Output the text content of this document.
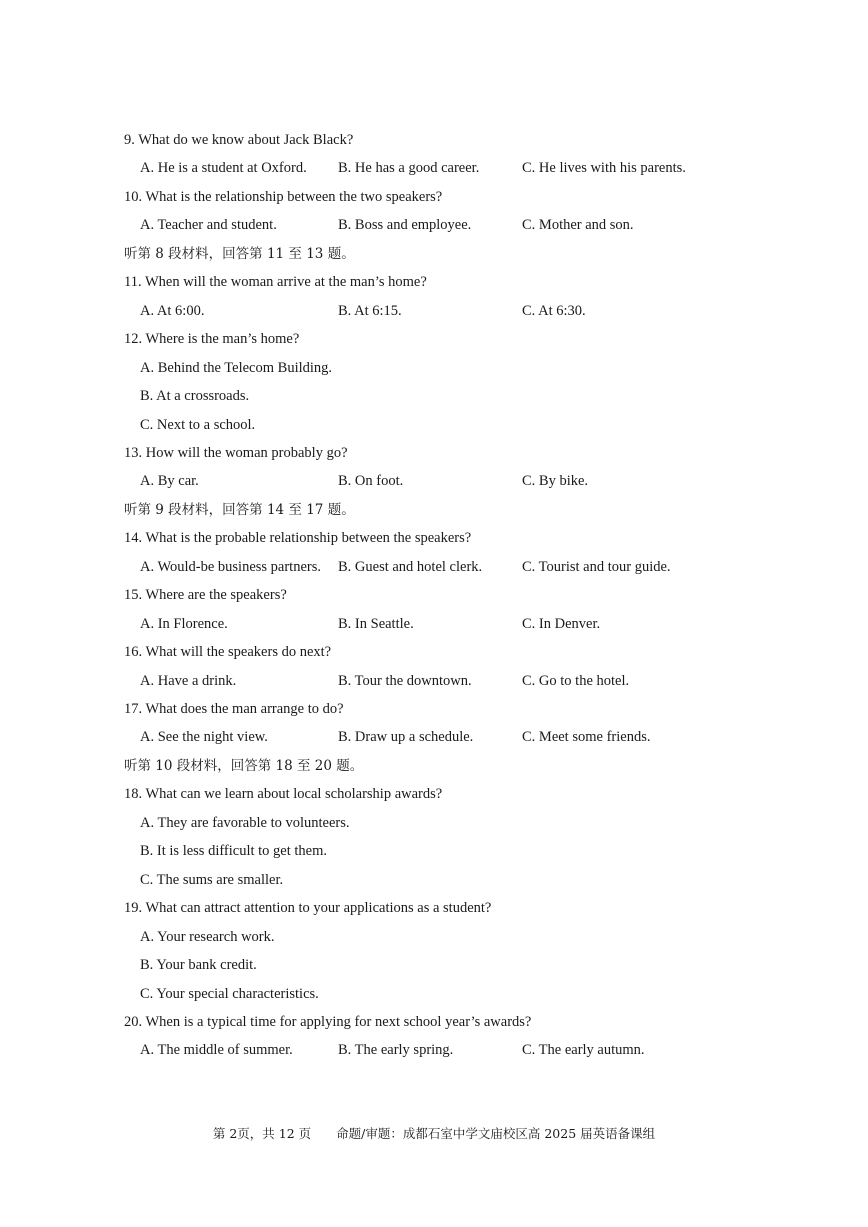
9. What do we know about Jack Black?
A. He is a student at Oxford. B. He has a good career.	C. He lives with his parents.
10. What is the relationship between the two speakers?
A. Teacher and student.	B. Boss and employee.	C. Mother and son.
听第 8 段材料，回答第 11 至 13 题。
11. When will the woman arrive at the man’s home?
A. At 6:00.	B. At 6:15.	C. At 6:30.
12. Where is the man’s home?
A. Behind the Telecom Building.
B. At a crossroads.
C. Next to a school.
13. How will the woman probably go?
A. By car.	B. On foot.	C. By bike.
听第 9 段材料，回答第 14 至 17 题。
14. What is the probable relationship between the speakers?
A. Would-be business partners. B. Guest and hotel clerk.	C. Tourist and tour guide.
15. Where are the speakers?
A. In Florence.	B. In Seattle.	C. In Denver.
16. What will the speakers do next?
A. Have a drink.	B. Tour the downtown.	C. Go to the hotel.
17. What does the man arrange to do?
A. See the night view.	B. Draw up a schedule.	C. Meet some friends.
听第 10 段材料，回答第 18 至 20 题。
18. What can we learn about local scholarship awards?
A. They are favorable to volunteers.
B. It is less difficult to get them.
C. The sums are smaller.
19. What can attract attention to your applications as a student?
A. Your research work.
B. Your bank credit.
C. Your special characteristics.
20. When is a typical time for applying for next school year’s awards?
A. The middle of summer.	B. The early spring.	C. The early autumn.
第 2页，共 12 页　　命题/审题：成都石室中学文庙校区高 2025 届英语备课组
